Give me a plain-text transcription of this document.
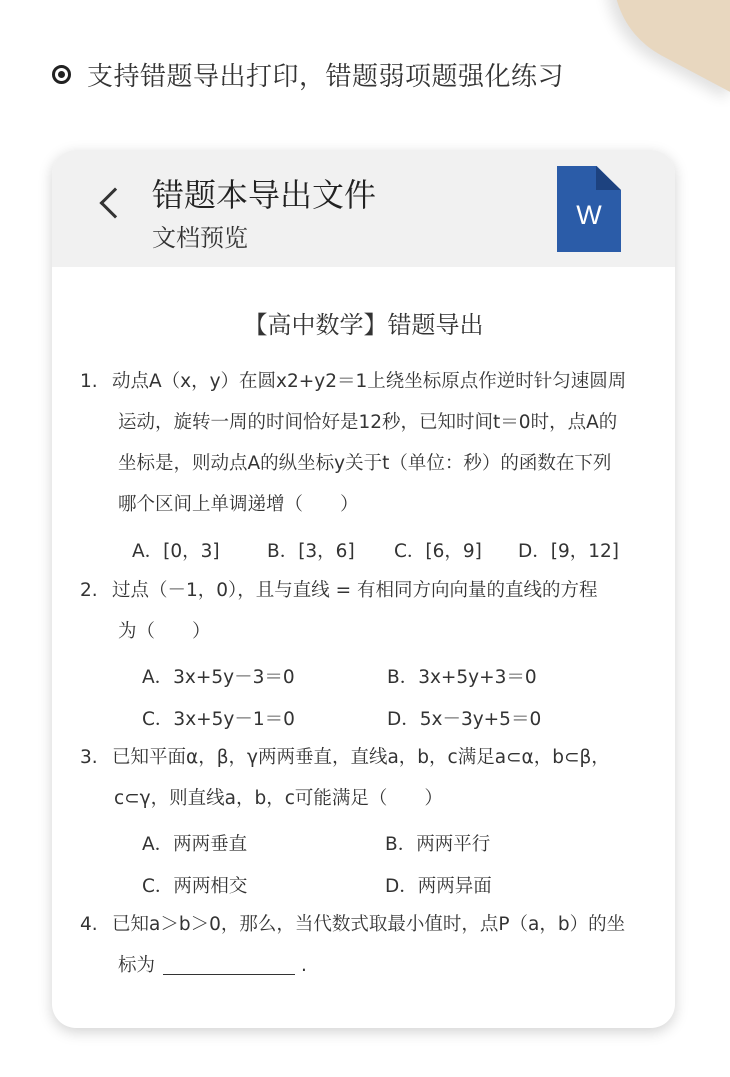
支持错题导出打印，错题弱项题强化练习
错题本导出文件
文档预览
W
【高中数学】错题导出
1. 动点A（x，y）在圆x2+y2＝1上绕坐标原点作逆时针匀速圆周
运动，旋转一周的时间恰好是12秒，已知时间t＝0时，点A的
坐标是，则动点A的纵坐标y关于t（单位：秒）的函数在下列
哪个区间上单调递增（　　）
A．[0，3]	B．[3，6] C．[6，9] D．[9，12]
2. 过点（－1，0），且与直线 = 有相同方向向量的直线的方程
为（　　）
A．3x+5y－3＝0	B．3x+5y+3＝0
C．3x+5y－1＝0	D．5x－3y+5＝0
3. 已知平面α，β，γ两两垂直，直线a，b，c满足a⊂α，b⊂β，
c⊂γ，则直线a，b，c可能满足（　　）
A．两两垂直	B．两两平行
C．两两相交	D．两两异面
4. 已知a＞b＞0，那么，当代数式取最小值时，点P（a，b）的坐
标为	.
